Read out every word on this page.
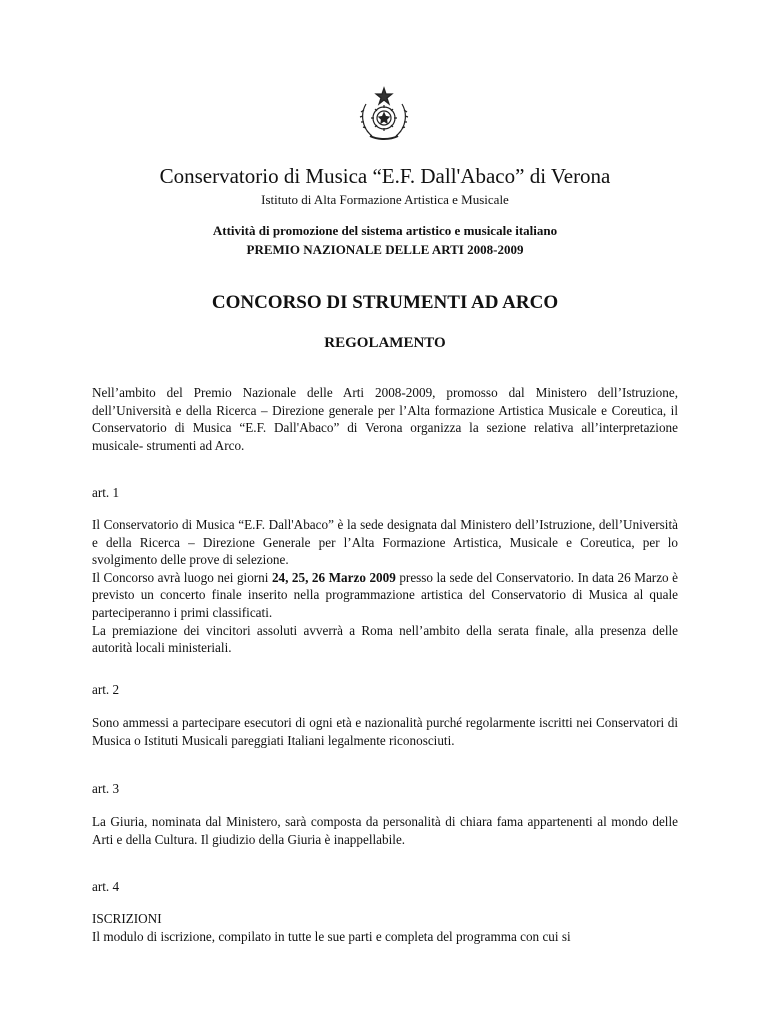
Conservatorio di Musica “E.F. Dall'Abaco” di Verona
Istituto di Alta Formazione Artistica e Musicale
Attività di promozione del sistema artistico e musicale italiano
PREMIO NAZIONALE DELLE ARTI 2008-2009
CONCORSO DI STRUMENTI AD ARCO
REGOLAMENTO

Nell’ambito del Premio Nazionale delle Arti 2008-2009, promosso dal Ministero dell’Istruzione, dell’Università e della Ricerca – Direzione generale per l’Alta formazione Artistica Musicale e Coreutica, il Conservatorio di Musica “E.F. Dall'Abaco” di Verona organizza la sezione relativa all’interpretazione musicale- strumenti ad Arco.

art. 1

Il Conservatorio di Musica “E.F. Dall'Abaco” è la sede designata dal Ministero dell’Istruzione, dell’Università e della Ricerca – Direzione Generale per l’Alta Formazione Artistica, Musicale e Coreutica, per lo svolgimento delle prove di selezione.

Il Concorso avrà luogo nei giorni 24, 25, 26 Marzo 2009 presso la sede del Conservatorio. In data 26 Marzo è previsto un concerto finale inserito nella programmazione artistica del Conservatorio di Musica al quale parteciperanno i primi classificati.

La premiazione dei vincitori assoluti avverrà a Roma nell’ambito della serata finale, alla presenza delle autorità locali ministeriali.

art. 2

Sono ammessi a partecipare esecutori di ogni età e nazionalità purché regolarmente iscritti nei Conservatori di Musica o Istituti Musicali pareggiati Italiani legalmente riconosciuti.

art. 3

La Giuria, nominata dal Ministero, sarà composta da personalità di chiara fama appartenenti al mondo delle Arti e della Cultura. Il giudizio della Giuria è inappellabile.

art. 4

ISCRIZIONI

Il modulo di iscrizione, compilato in tutte le sue parti e completa del programma con cui si
